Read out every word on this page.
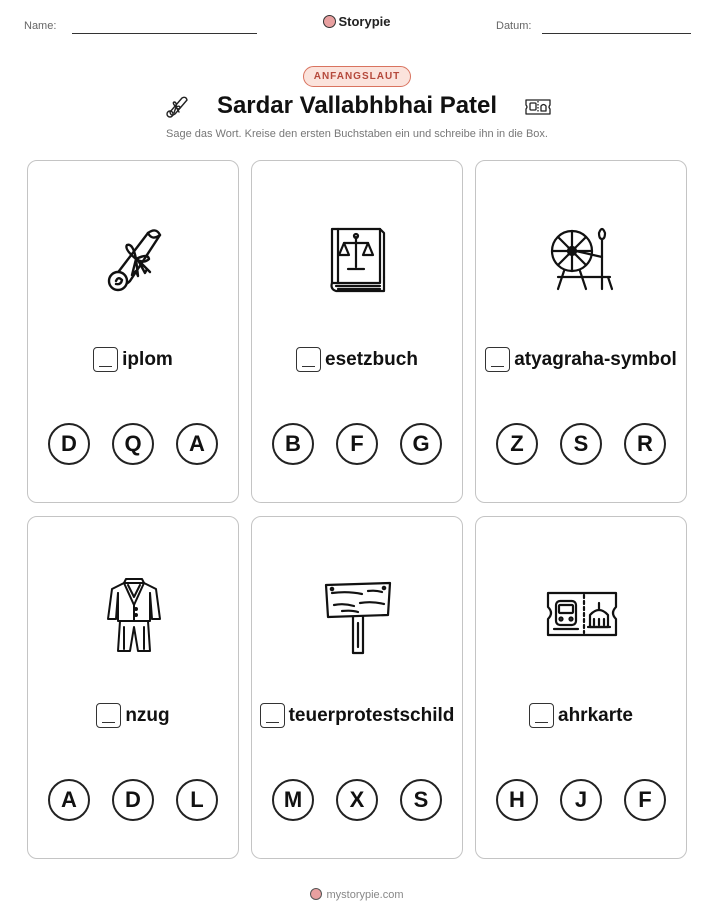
Name:	Storypie	Datum:
ANFANGSLAUT
Sardar Vallabhbhai Patel
Sage das Wort. Kreise den ersten Buchstaben ein und schreibe ihn in die Box.
iplom
D	Q	A
esetzbuch
B	F	G
atyagraha-symbol
Z	S	R
nzug
A	D	L
teuerprotestschild
M	X	S
ahrkarte
H	J	F
mystorypie.com
